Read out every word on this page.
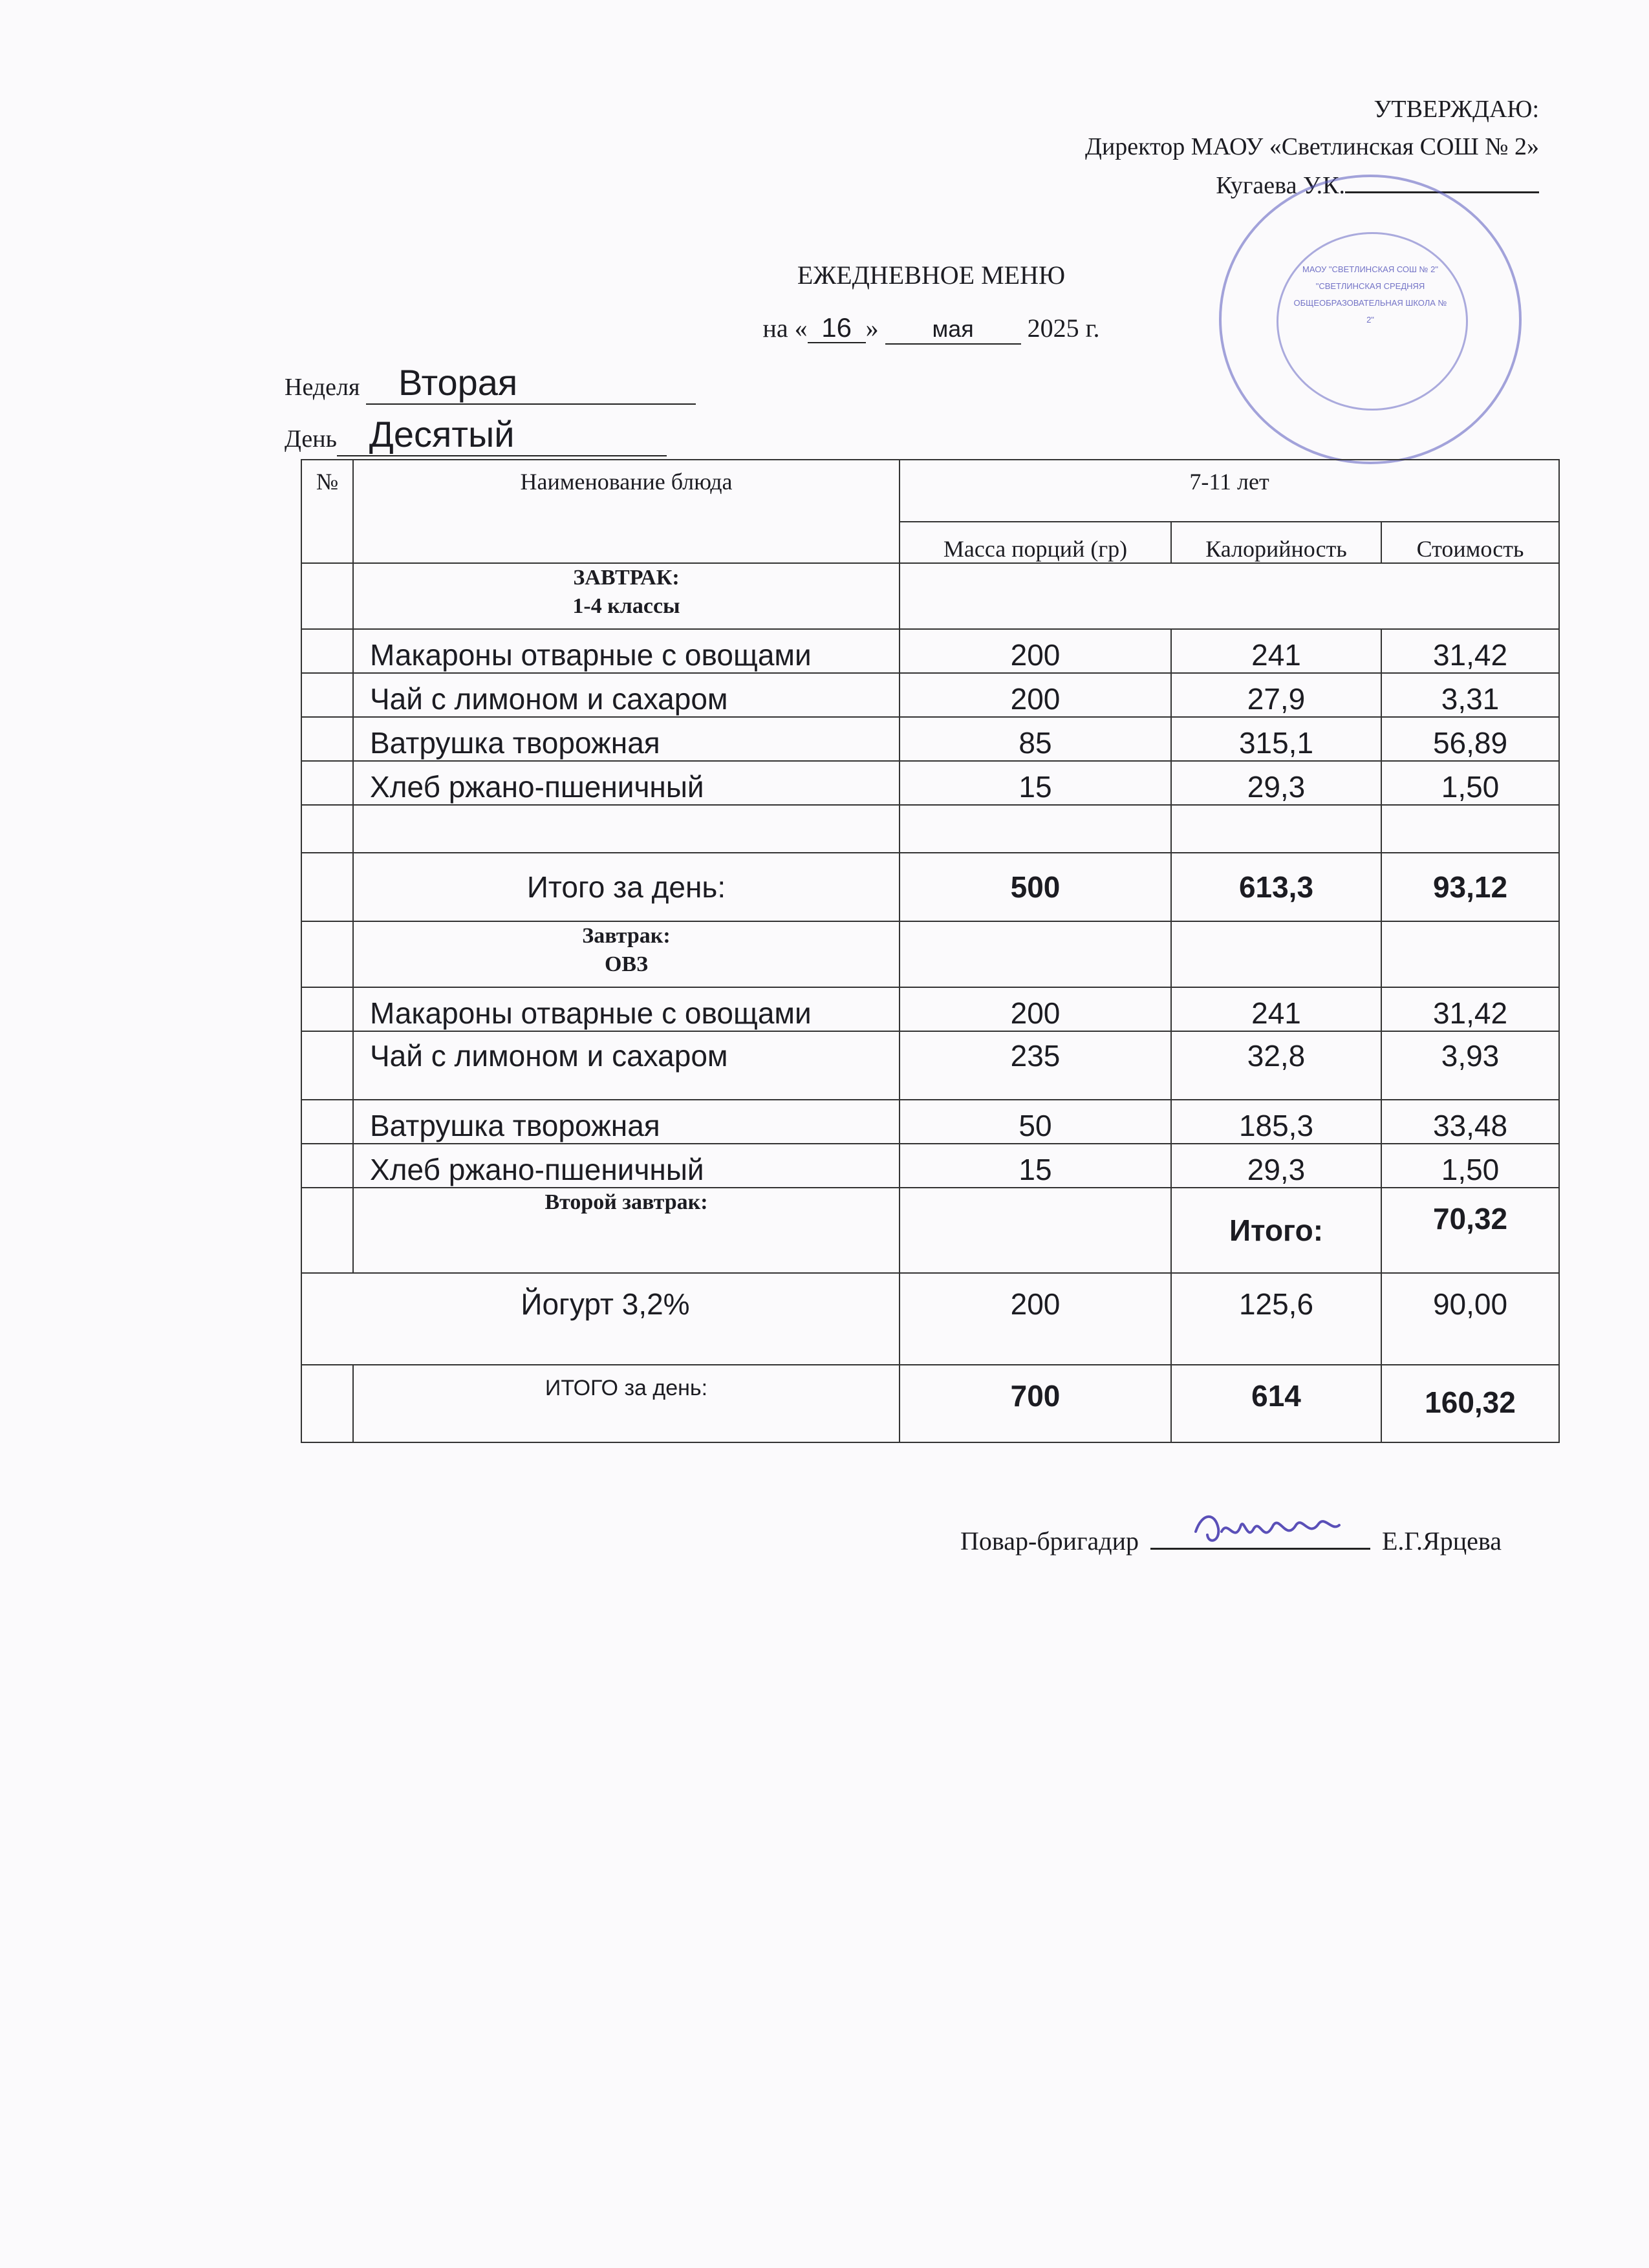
УТВЕРЖДАЮ:
Директор МАОУ «Светлинская СОШ № 2»
Кугаева У.К.
МАОУ "СВЕТЛИНСКАЯ СОШ № 2" "СВЕТЛИНСКАЯ СРЕДНЯЯ ОБЩЕОБРАЗОВАТЕЛЬНАЯ ШКОЛА № 2"
ЕЖЕДНЕВНОЕ МЕНЮ
на « 16 » мая 2025 г.
Неделя Вторая
День Десятый
№	Наименование блюда	7-11 лет		
		Масса порций (гр)	Калорийность	Стоимость

	ЗАВТРАК:
1-4 классы			

	Макароны отварные с овощами	200	241	31,42
	Чай с лимоном и сахаром	200	27,9	3,31
	Ватрушка творожная	85	315,1	56,89
	Хлеб ржано-пшеничный	15	29,3	1,50

	Итого за день:	500	613,3	93,12

	Завтрак:
ОВЗ			

	Макароны отварные с овощами	200	241	31,42
	Чай с лимоном и сахаром	235	32,8	3,93
	Ватрушка творожная	50	185,3	33,48
	Хлеб ржано-пшеничный	15	29,3	1,50
	Второй завтрак:		Итого:	70,32
Йогурт 3,2%		200	125,6	90,00
	ИТОГО за день:	700	614	160,32
Повар-бригадир	Е.Г.Ярцева
